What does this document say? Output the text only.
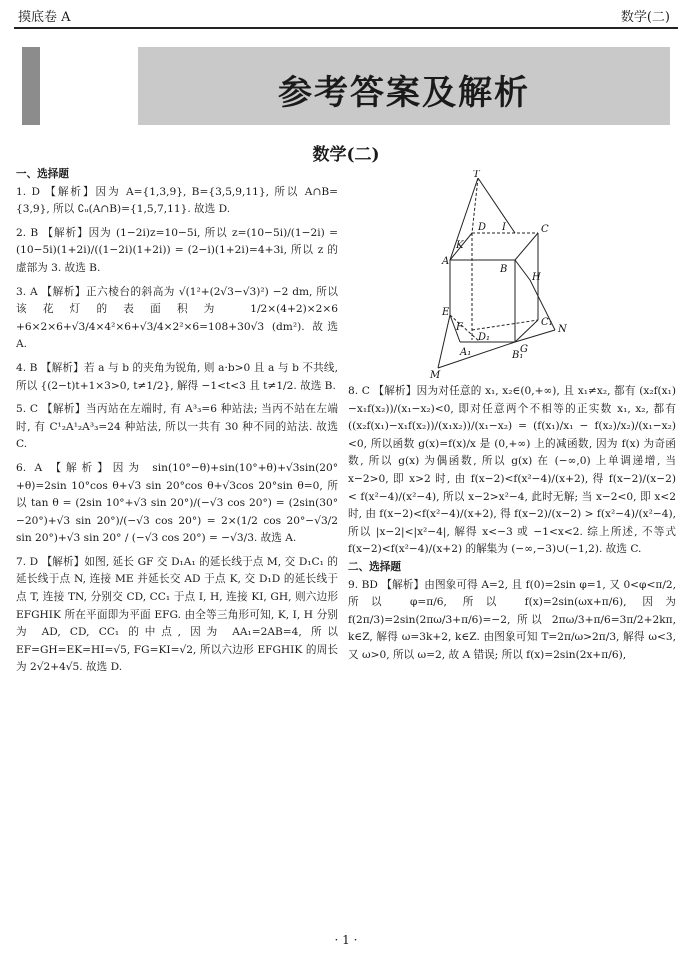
摸底卷 A	数学(二)
参考答案及解析
数学(二)
一、选择题

1. D 【解析】因为 A={1,3,9}, B={3,5,9,11}, 所以 A∩B={3,9}, 所以 ∁ᵤ(A∩B)={1,5,7,11}. 故选 D.

2. B 【解析】因为 (1−2i)z=10−5i, 所以 z=(10−5i)/(1−2i) = (10−5i)(1+2i)/((1−2i)(1+2i)) = (2−i)(1+2i)=4+3i, 所以 z 的虚部为 3. 故选 B.

3. A 【解析】正六棱台的斜高为 √(1²+(2√3−√3)²) −2 dm, 所以该花灯的表面积为 1/2×(4+2)×2×6 +6×2×6+√3/4×4²×6+√3/4×2²×6=108+30√3 (dm²). 故选 A.

4. B 【解析】若 a 与 b 的夹角为锐角, 则 a·b>0 且 a 与 b 不共线, 所以 {(2−t)t+1×3>0, t≠1/2}, 解得 −1<t<3 且 t≠1/2. 故选 B.

5. C 【解析】当丙站在左端时, 有 A³₃=6 种站法; 当丙不站在左端时, 有 C¹₂A¹₂A³₃=24 种站法, 所以一共有 30 种不同的站法. 故选 C.

6. A 【解析】因为 sin(10°−θ)+sin(10°+θ)+√3sin(20°+θ)=2sin 10°cos θ+√3 sin 20°cos θ+√3cos 20°sin θ=0, 所以 tan θ = (2sin 10°+√3 sin 20°)/(−√3 cos 20°) = (2sin(30°−20°)+√3 sin 20°)/(−√3 cos 20°) = 2×(1/2 cos 20°−√3/2 sin 20°)+√3 sin 20° / (−√3 cos 20°) = −√3/3. 故选 A.

7. D 【解析】如图, 延长 GF 交 D₁A₁ 的延长线于点 M, 交 D₁C₁ 的延长线于点 N, 连接 ME 并延长交 AD 于点 K, 交 D₁D 的延长线于点 T, 连接 TN, 分别交 CD, CC₁ 于点 I, H, 连接 KI, GH, 则六边形 EFGHIK 所在平面即为平面 EFG. 由全等三角形可知, K, I, H 分别为 AD, CD, CC₁ 的中点, 因为 AA₁=2AB=4, 所以 EF=GH=EK=HI=√5, FG=KI=√2, 所以六边形 EFGHIK 的周长为 2√2+4√5. 故选 D.

T
D I	C
K
A
B
H
E
D₁
C₁
N
F
A₁	G
B₁
M

8. C 【解析】因为对任意的 x₁, x₂∈(0,+∞), 且 x₁≠x₂, 都有 (x₂f(x₁)−x₁f(x₂))/(x₁−x₂)<0, 即对任意两个不相等的正实数 x₁, x₂, 都有 ((x₂f(x₁)−x₁f(x₂))/(x₁x₂))/(x₁−x₂) = (f(x₁)/x₁ − f(x₂)/x₂)/(x₁−x₂)<0, 所以函数 g(x)=f(x)/x 是 (0,+∞) 上的减函数, 因为 f(x) 为奇函数, 所以 g(x) 为偶函数, 所以 g(x) 在 (−∞,0) 上单调递增, 当 x−2>0, 即 x>2 时, 由 f(x−2)<f(x²−4)/(x+2), 得 f(x−2)/(x−2) < f(x²−4)/(x²−4), 所以 x−2>x²−4, 此时无解; 当 x−2<0, 即 x<2 时, 由 f(x−2)<f(x²−4)/(x+2), 得 f(x−2)/(x−2) > f(x²−4)/(x²−4), 所以 |x−2|<|x²−4|, 解得 x<−3 或 −1<x<2. 综上所述, 不等式 f(x−2)<f(x²−4)/(x+2) 的解集为 (−∞,−3)∪(−1,2). 故选 C.

二、选择题

9. BD 【解析】由图象可得 A=2, 且 f(0)=2sin φ=1, 又 0<φ<π/2, 所以 φ=π/6, 所以 f(x)=2sin(ωx+π/6), 因为 f(2π/3)=2sin(2πω/3+π/6)=−2, 所以 2πω/3+π/6=3π/2+2kπ, k∈Z, 解得 ω=3k+2, k∈Z. 由图象可知 T=2π/ω>2π/3, 解得 ω<3, 又 ω>0, 所以 ω=2, 故 A 错误; 所以 f(x)=2sin(2x+π/6),

· 1 ·
